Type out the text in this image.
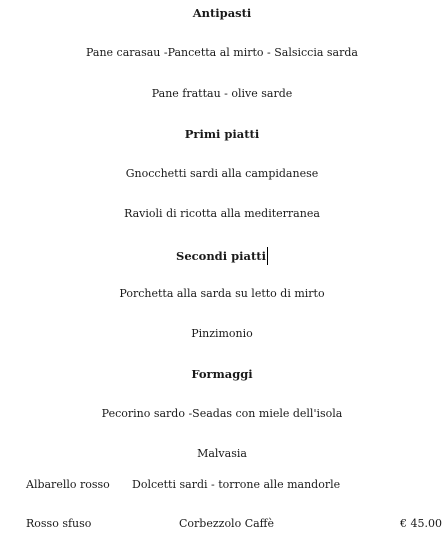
Antipasti
Pane carasau -Pancetta al mirto - Salsiccia sarda
Pane frattau - olive sarde
Primi piatti
Gnocchetti sardi alla campidanese
Ravioli di ricotta alla mediterranea
Secondi piatti
Porchetta alla sarda su letto di mirto
Pinzimonio
Formaggi
Pecorino sardo -Seadas con miele dell'isola
Malvasia
Albarello rosso Dolcetti sardi - torrone alle mandorle
Rosso sfuso	Corbezzolo Caffè	€ 45.00
